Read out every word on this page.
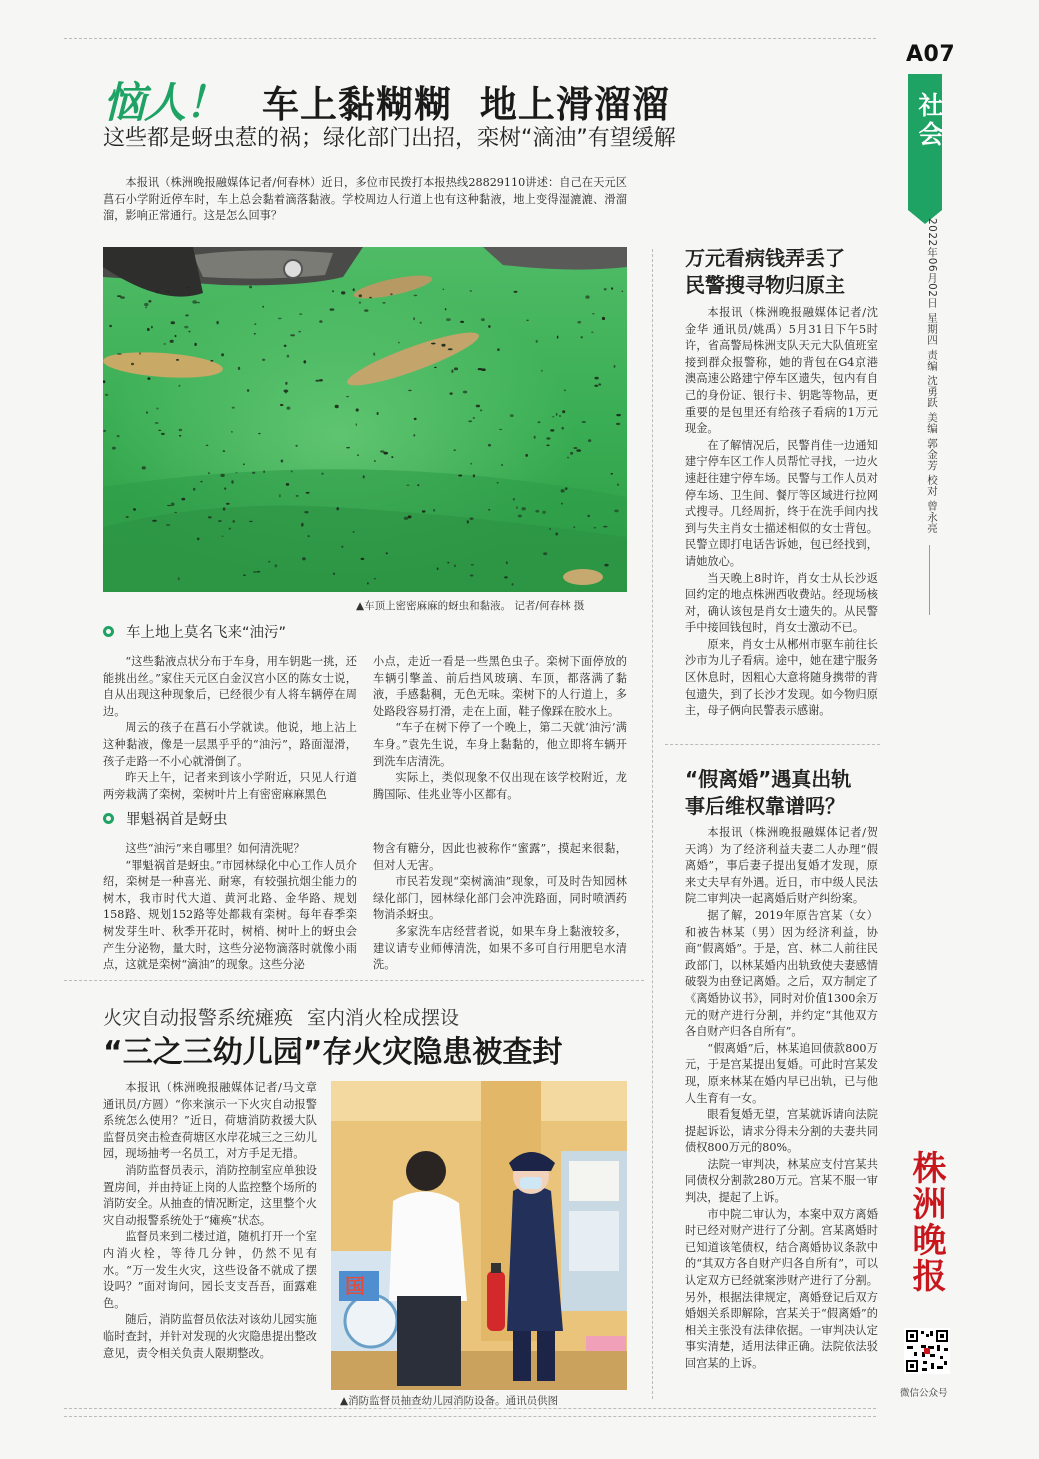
A07
社会
2022年06月02日 星期四 责编 沈勇跃 美编 郭金芳 校对 曾永亮
株洲晚报
微信公众号
恼人！ 车上黏糊糊 地上滑溜溜
这些都是蚜虫惹的祸；绿化部门出招，栾树“滴油”有望缓解

本报讯（株洲晚报融媒体记者/何春林）近日，多位市民拨打本报热线28829110讲述：自己在天元区菖石小学附近停车时，车上总会黏着滴落黏液。学校周边人行道上也有这种黏液，地上变得湿漉漉、滑溜溜，影响正常通行。这是怎么回事？

▲车顶上密密麻麻的蚜虫和黏液。 记者/何春林 摄
车上地上莫名飞来“油污”

“这些黏液点状分布于车身，用车钥匙一挑，还能挑出丝。”家住天元区白金汉宫小区的陈女士说，自从出现这种现象后，已经很少有人将车辆停在周边。

周云的孩子在菖石小学就读。他说，地上沾上这种黏液，像是一层黑乎乎的“油污”，路面湿滑，孩子走路一不小心就滑倒了。

昨天上午，记者来到该小学附近，只见人行道两旁栽满了栾树，栾树叶片上有密密麻麻黑色

小点，走近一看是一些黑色虫子。栾树下面停放的车辆引擎盖、前后挡风玻璃、车顶，都落满了黏液，手感黏稠，无色无味。栾树下的人行道上，多处路段容易打滑，走在上面，鞋子像踩在胶水上。

“车子在树下停了一个晚上，第二天就‘油污’满车身。”袁先生说，车身上黏黏的，他立即将车辆开到洗车店清洗。

实际上，类似现象不仅出现在该学校附近，龙腾国际、佳兆业等小区都有。

罪魁祸首是蚜虫

这些“油污”来自哪里？如何清洗呢？

“罪魁祸首是蚜虫。”市园林绿化中心工作人员介绍，栾树是一种喜光、耐寒，有较强抗烟尘能力的树木，我市时代大道、黄河北路、金华路、规划158路、规划152路等处都栽有栾树。每年春季栾树发芽生叶、秋季开花时，树梢、树叶上的蚜虫会产生分泌物，量大时，这些分泌物滴落时就像小雨点，这就是栾树“滴油”的现象。这些分泌

物含有糖分，因此也被称作“蜜露”，摸起来很黏，但对人无害。

市民若发现“栾树滴油”现象，可及时告知园林绿化部门，园林绿化部门会冲洗路面，同时喷洒药物消杀蚜虫。

多家洗车店经营者说，如果车身上黏液较多，建议请专业师傅清洗，如果不多可自行用肥皂水清洗。

火灾自动报警系统瘫痪 室内消火栓成摆设
“三之三幼儿园”存火灾隐患被查封

本报讯（株洲晚报融媒体记者/马文章 通讯员/方圆）“你来演示一下火灾自动报警系统怎么使用？”近日，荷塘消防救援大队监督员突击检查荷塘区水岸花城三之三幼儿园，现场抽考一名员工，对方手足无措。

消防监督员表示，消防控制室应单独设置房间，并由持证上岗的人监控整个场所的消防安全。从抽查的情况断定，这里整个火灾自动报警系统处于“瘫痪”状态。

监督员来到二楼过道，随机打开一个室内消火栓，等待几分钟，仍然不见有水。“万一发生火灾，这些设备不就成了摆设吗？”面对询问，园长支支吾吾，面露难色。

随后，消防监督员依法对该幼儿园实施临时查封，并针对发现的火灾隐患提出整改意见，责令相关负责人限期整改。

国
▲消防监督员抽查幼儿园消防设备。通讯员供图
万元看病钱弄丢了
民警搜寻物归原主

本报讯（株洲晚报融媒体记者/沈金华 通讯员/姚禹）5月31日下午5时许，省高警局株洲支队天元大队值班室接到群众报警称，她的背包在G4京港澳高速公路建宁停车区遗失，包内有自己的身份证、银行卡、钥匙等物品，更重要的是包里还有给孩子看病的1万元现金。

在了解情况后，民警肖佳一边通知建宁停车区工作人员帮忙寻找，一边火速赶往建宁停车场。民警与工作人员对停车场、卫生间、餐厅等区域进行拉网式搜寻。几经周折，终于在洗手间内找到与失主肖女士描述相似的女士背包。民警立即打电话告诉她，包已经找到，请她放心。

当天晚上8时许，肖女士从长沙返回约定的地点株洲西收费站。经现场核对，确认该包是肖女士遗失的。从民警手中接回钱包时，肖女士激动不已。

原来，肖女士从郴州市驱车前往长沙市为儿子看病。途中，她在建宁服务区休息时，因粗心大意将随身携带的背包遗失，到了长沙才发现。如今物归原主，母子俩向民警表示感谢。

“假离婚”遇真出轨
事后维权靠谱吗？

本报讯（株洲晚报融媒体记者/贺天鸿）为了经济利益夫妻二人办理“假离婚”，事后妻子提出复婚才发现，原来丈夫早有外遇。近日，市中级人民法院二审判决一起离婚后财产纠纷案。

据了解，2019年原告宫某（女）和被告林某（男）因为经济利益，协商“假离婚”。于是，宫、林二人前往民政部门，以林某婚内出轨致使夫妻感情破裂为由登记离婚。之后，双方制定了《离婚协议书》，同时对价值1300余万元的财产进行分割，并约定“其他双方各自财产归各自所有”。

“假离婚”后，林某追回债款800万元，于是宫某提出复婚。可此时宫某发现，原来林某在婚内早已出轨，已与他人生育有一女。

眼看复婚无望，宫某就诉请向法院提起诉讼，请求分得未分割的夫妻共同债权800万元的80%。

法院一审判决，林某应支付宫某共同债权分割款280万元。宫某不服一审判决，提起了上诉。

市中院二审认为，本案中双方离婚时已经对财产进行了分割。宫某离婚时已知道该笔债权，结合离婚协议条款中的“其双方各自财产归各自所有”，可以认定双方已经就案涉财产进行了分割。另外，根据法律规定，离婚登记后双方婚姻关系即解除，宫某关于“假离婚”的相关主张没有法律依据。一审判决认定事实清楚，适用法律正确。法院依法驳回宫某的上诉。
